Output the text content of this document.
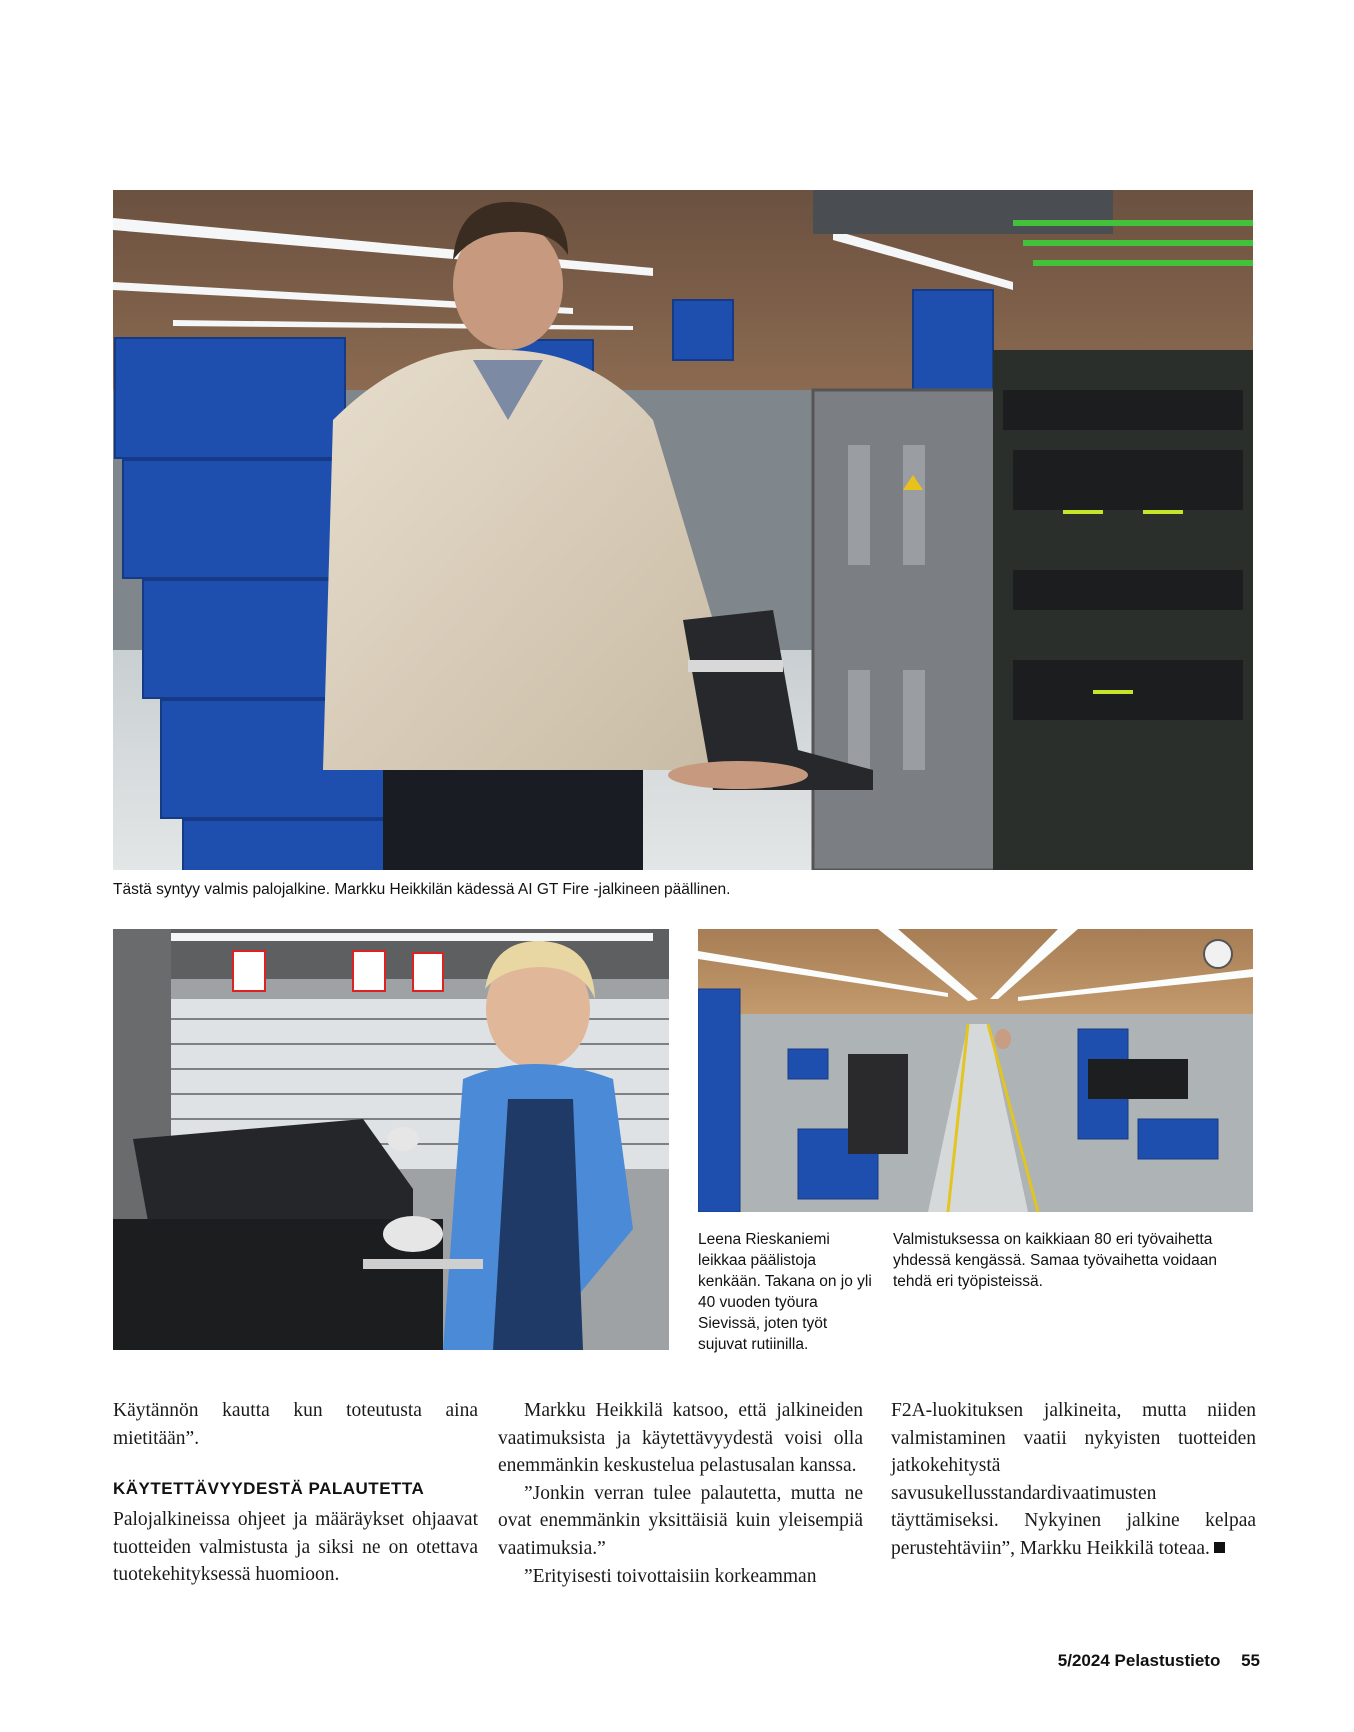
Tästä syntyy valmis palojalkine. Markku Heikkilän kädessä AI GT Fire -jalkineen päällinen.
Leena Rieskaniemi leikkaa päälistoja kenkään. Takana on jo yli 40 vuoden työura Sievissä, joten työt sujuvat rutiinilla.
Valmistuksessa on kaikkiaan 80 eri työvaihetta yhdessä kengässä. Samaa työvaihetta voidaan tehdä eri työpisteissä.

Käytännön kautta kun toteutusta aina mietitään”.

KÄYTETTÄVYYDESTÄ PALAUTETTA

Palojalkineissa ohjeet ja määräykset ohjaavat tuotteiden valmistusta ja siksi ne on otettava tuotekehityksessä huomioon.

Markku Heikkilä katsoo, että jalkineiden vaatimuksista ja käytettävyydestä voisi olla enemmänkin keskustelua pelastusalan kanssa.

”Jonkin verran tulee palautetta, mutta ne ovat enemmänkin yksittäisiä kuin yleisempiä vaatimuksia.”

”Erityisesti toivottaisiin korkeamman

F2A-luokituksen jalkineita, mutta niiden valmistaminen vaatii nykyisten tuotteiden jatkokehitystä savusukellusstandardivaatimusten täyttämiseksi. Nykyinen jalkine kelpaa perustehtäviin”, Markku Heikkilä toteaa.

5/2024 Pelastustieto 55
